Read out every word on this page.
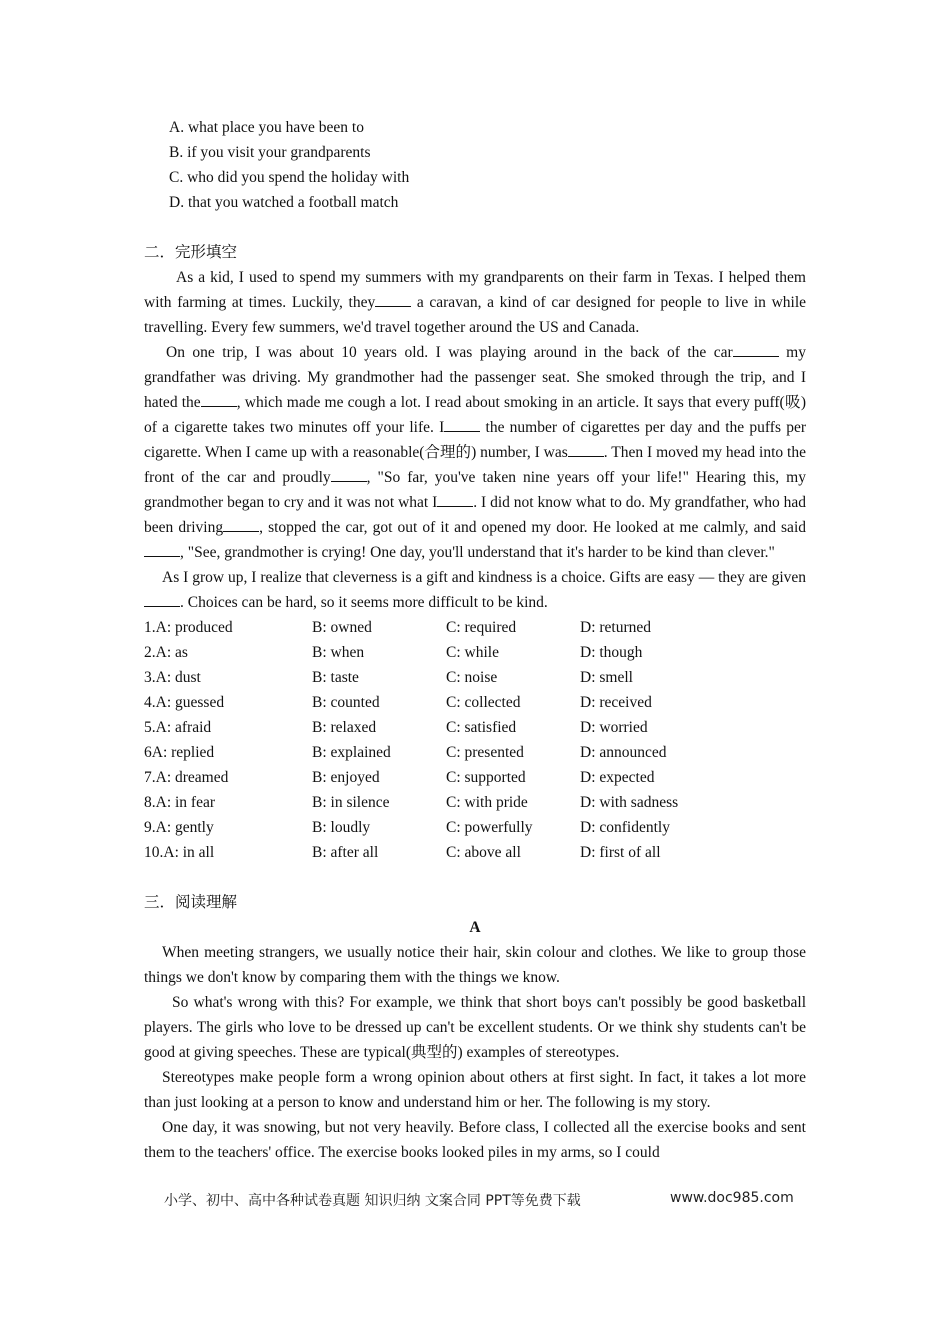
A. what place you have been to
B. if you visit your grandparents
C. who did you spend the holiday with
D. that you watched a football match
二．完形填空
As a kid, I used to spend my summers with my grandparents on their farm in Texas. I helped them with farming at times. Luckily, they a caravan, a kind of car designed for people to live in while travelling. Every few summers, we'd travel together around the US and Canada.
On one trip, I was about 10 years old. I was playing around in the back of the car	my grandfather was driving. My grandmother had the passenger seat. She smoked through the trip, and I hated the , which made me cough a lot. I read about smoking in an article. It says that every puff(吸) of a cigarette takes two minutes off your life. I the number of cigarettes per day and the puffs per cigarette. When I came up with a reasonable(合理的) number, I was . Then I moved my head into the front of the car and proudly , "So far, you've taken nine years off your life!" Hearing this, my grandmother began to cry and it was not what I . I did not know what to do. My grandfather, who had been driving , stopped the car, got out of it and opened my door. He looked at me calmly, and said, "See, grandmother is crying! One day, you'll understand that it's harder to be kind than clever."
As I grow up, I realize that cleverness is a gift and kindness is a choice. Gifts are easy — they are given. Choices can be hard, so it seems more difficult to be kind.
1.A: produced	B: owned	C: required	D: returned
2.A: as	B: when	C: while	D: though
3.A: dust	B: taste	C: noise	D: smell
4.A: guessed	B: counted	C: collected	D: received
5.A: afraid	B: relaxed	C: satisfied	D: worried
6A: replied	B: explained	C: presented	D: announced
7.A: dreamed	B: enjoyed	C: supported	D: expected
8.A: in fear	B: in silence	C: with pride	D: with sadness
9.A: gently	B: loudly	C: powerfully	D: confidently
10.A: in all	B: after all	C: above all	D: first of all
三．阅读理解
A
When meeting strangers, we usually notice their hair, skin colour and clothes. We like to group those things we don't know by comparing them with the things we know.
So what's wrong with this? For example, we think that short boys can't possibly be good basketball players. The girls who love to be dressed up can't be excellent students. Or we think shy students can't be good at giving speeches. These are typical(典型的) examples of stereotypes.
Stereotypes make people form a wrong opinion about others at first sight. In fact, it takes a lot more than just looking at a person to know and understand him or her. The following is my story.
One day, it was snowing, but not very heavily. Before class, I collected all the exercise books and sent them to the teachers' office. The exercise books looked piles in my arms, so I could
小学、初中、高中各种试卷真题 知识归纳 文案合同 PPT等免费下载	www.doc985.com
